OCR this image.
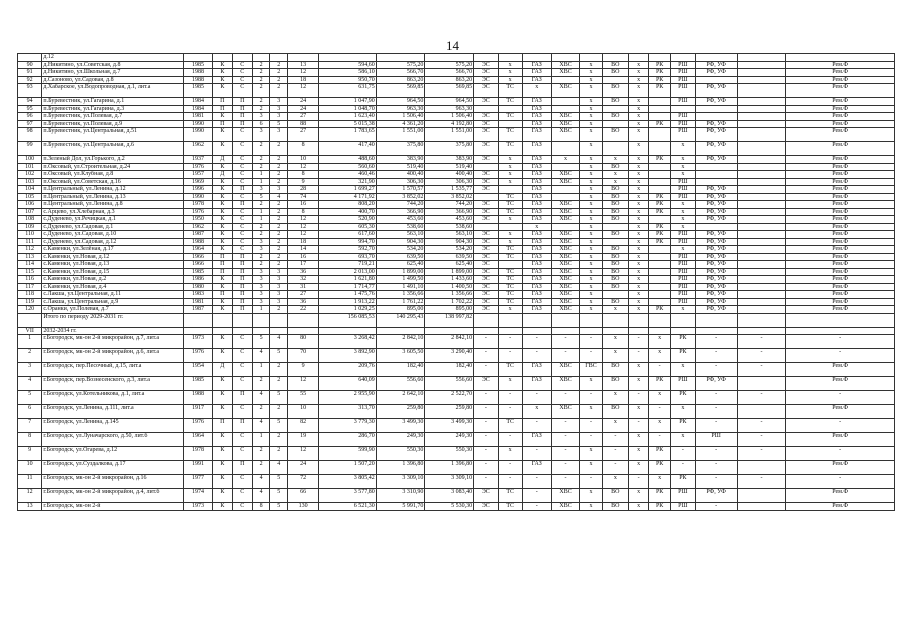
14
	д.12																					
90	д.Никитино, ул.Советская, д.8	1985	К	С	2	2	13	594,60	575,20	575,20	ЭС	х	ГАЗ	ХВС	х	ВО	х	РК	РШ	РФ, УФ		Рем.Ф
91	д.Никитино, ул.Школьная, д.7	1988	К	С	2	2	12	586,10	566,70	566,70	ЭС	х	ГАЗ	ХВС	х	ВО	х	РК	РШ	РФ, УФ		Рем.Ф
92	д.Сазоново, ул.Садовая, д.8	1988	К	С	2	2	18	950,70	863,20	863,20	ЭС	х	ГАЗ		х		х	РК	РШ			Рем.Ф
93	д.Хабарское, ул.Водопроводная, д.1, лит.а	1985	К	С	2	2	12	631,75	569,85	569,85	ЭС	ТС	х	ХВС	х	ВО	х	РК	РШ	РФ, УФ		Рем.Ф
94	п.Буревестник, ул.Гагарина, д.1	1984	П	П	2	3	24	1 047,90	964,50	964,50	ЭС	ТС	ГАЗ		х	ВО	х		РШ	РФ, УФ		Рем.Ф
95	п.Буревестник, ул.Гагарина, д.3	1984	П	П	2	3	24	1 048,70	963,30	963,30			ГАЗ		х		х					Рем.Ф
96	п.Буревестник, ул.Полевая, д.7	1981	К	П	3	3	27	1 623,40	1 506,40	1 506,40	ЭС	ТС	ГАЗ	ХВС	х	ВО	х		РШ			Рем.Ф
97	п.Буревестник, ул.Полевая, д.9	1990	П	П	6	5	88	5 015,38	4 361,20	4 192,80	ЭС		ГАЗ	ХВС	х		х	РК	РШ	РФ, УФ		Рем.Ф
98	п.Буревестник, ул.Центральная, д.51	1990	К	С	3	3	27	1 783,65	1 551,00	1 551,00	ЭС	ТС	ГАЗ	ХВС	х	ВО	х		РШ	РФ, УФ		Рем.Ф
99	п.Буревестник, ул.Центральная, д.6	1962	К	С	2	2	8	417,40	375,80	375,80	ЭС	ТС	ГАЗ		х		х		х	РФ, УФ		Рем.Ф
100	п.Зеленый Дол, ул.Горького, д.2	1937	Д	С	2	2	10	488,60	383,90	383,90	ЭС	х	ГАЗ	х	х	х	х	РК	х	РФ, УФ		Рем.Ф
101	п.Оксовый, ул.Строительная, д.24	1976	К	С	2	2	12	560,60	519,40	519,40		х	ГАЗ		х	ВО	х		х			Рем.Ф
102	п.Оксовый, ул.Клубная, д.8	1957	Д	С	1	2	8	460,46	400,40	400,40	ЭС	х	ГАЗ	ХВС	х	х	х		х			Рем.Ф
103	п.Оксовый, ул.Советская, д.16	1969	К	С	1	2	9	321,90	306,30	306,30	ЭС	х	ГАЗ	ХВС	х	х	х		РШ			Рем.Ф
104	п.Центральный, ул.Ленина, д.12	1996	К	П	3	3	28	1 699,27	1 570,57	1 535,77	ЭС		ГАЗ		х	ВО	х		РШ	РФ, УФ		Рем.Ф
105	п.Центральный, ул.Ленина, д.13	1990	К	С	5	4	74	4 171,92	3 852,02	3 852,02		ТС	ГАЗ		х	ВО	х	РК	РШ	РФ, УФ		Рем.Ф
106	п.Центральный, ул.Ленина, д.8	1978	К	П	2	2	16	808,20	744,20	744,20	ЭС	ТС	ГАЗ	ХВС	х	ВО	х	РК	х	РФ, УФ		Рем.Ф
107	с.Арцево, ул.Хлебарная, д.3	1976	К	С	1	2	8	400,70	366,90	366,90	ЭС	ТС	ГАЗ	ХВС	х	ВО	х	РК	х	РФ, УФ		Рем.Ф
108	с.Дуденево, ул.Речицкая, д.1	1950	К	С	1	2	12	520,90	453,60	453,60	ЭС	х	ГАЗ	ХВС	х	ВО	х		х	РФ, УФ		Рем.Ф
109	с.Дуденево, ул.Садовая, д.1	1962	К	С	2	2	12	605,30	538,60	538,60			х		х		х	РК	х			Рем.Ф
110	с.Дуденево, ул.Садовая, д.10	1987	К	С	2	2	12	617,60	563,10	563,10	ЭС	х	ГАЗ	ХВС	х	ВО	х	РК	РШ	РФ, УФ		Рем.Ф
111	с.Дуденево, ул.Садовая, д.12	1988	К	С	3	2	18	994,70	904,30	904,30	ЭС	х	ГАЗ	ХВС	х		х	РК	РШ	РФ, УФ		Рем.Ф
112	с.Каменки, ул.Зелёная, д.17	1964	К	С	3	2	14	592,70	534,20	534,20	ЭС	ТС	ГАЗ	ХВС	х	ВО	х		х	РФ, УФ		Рем.Ф
113	с.Каменки, ул.Новая, д.12	1966	П	П	2	2	16	693,70	639,50	639,50	ЭС	ТС	ГАЗ	ХВС	х	ВО	х		РШ	РФ, УФ		Рем.Ф
114	с.Каменки, ул.Новая, д.13	1966	П	П	2	2	17	719,21	625,40	625,40	ЭС		ГАЗ	ХВС	х	ВО	х		РШ	РФ, УФ		Рем.Ф
115	с.Каменки, ул.Новая, д.15	1985	П	П	3	3	36	2 013,00	1 899,00	1 899,00	ЭС	ТС	ГАЗ	ХВС	х	ВО	х		РШ	РФ, УФ		Рем.Ф
116	с.Каменки, ул.Новая, д.2	1986	К	П	3	3	32	1 621,80	1 499,50	1 433,60	ЭС	ТС	ГАЗ	ХВС	х	ВО	х		РШ	РФ, УФ		Рем.Ф
117	с.Каменки, ул.Новая, д.4	1980	К	П	3	3	31	1 714,77	1 491,10	1 400,50	ЭС	ТС	ГАЗ	ХВС	х	ВО	х		РШ	РФ, УФ		Рем.Ф
118	с.Лакша, ул.Центральная, д.11	1983	П	П	3	3	27	1 475,76	1 356,66	1 356,66	ЭС	ТС	ГАЗ	ХВС	х		х		РШ	РФ, УФ		Рем.Ф
119	с.Лакша, ул.Центральная, д.9	1981	К	П	3	3	36	1 913,22	1 761,22	1 702,22	ЭС	ТС	ГАЗ	ХВС	х	ВО	х		РШ	РФ, УФ		Рем.Ф
120	с.Оранки, ул.Полевая, д.7	1987	К	П	1	2	22	1 029,25	895,00	895,00	ЭС	х	ГАЗ	ХВС	х	х	х	РК	х	РФ, УФ		Рем.Ф
	Итого по периоду 2029-2031 гг.							156 085,53	140 295,43	138 997,82												
VII	2032-2034 гг.																					
1	г.Богородск, мк-он 2-й микрорайон, д.7, лит.а	1973	К	С	5	4	80	3 268,42	2 842,10	2 842,10	-	-	-	-	-	х	-	х	РК	-	-	-
2	г.Богородск, мк-он 2-й микрорайон, д.6, лит.а	1976	К	С	4	5	70	3 892,90	3 605,50	3 290,40	-	-	-	-	-	х	-	х	РК	-	-	-
3	г.Богородск, пер.Песочный, д.15, лит.а	1954	Д	С	1	2	9	209,76	182,40	182,40	-	ТС	ГАЗ	ХВС	ГВС	ВО	х	-	х	-	-	Рем.Ф
4	г.Богородск, пер.Вознесенского, д.3, лит.а	1985	К	С	2	2	12	640,09	556,60	556,60	ЭС	х	ГАЗ	ХВС	х	ВО	х	РК	РШ	РФ, УФ		Рем.Ф
5	г.Богородск, ул.Котельникова, д.1, лит.а	1988	К	П	4	5	55	2 955,90	2 642,10	2 522,70	-	-	-	-	-	х	-	х	РК	-	-	-
6	г.Богородск, ул.Ленина, д.111, лит.а	1917	К	С	2	2	10	313,70	259,80	259,80	-	-	х	ХВС	х	ВО	х	-	х	-		Рем.Ф
7	г.Богородск, ул.Ленина, д.145	1976	П	П	4	5	82	3 779,30	3 499,30	3 499,30	-	ТС	-	-	-	х	-	х	РК	-	-	-
8	г.Богородск, ул.Луначарского, д.50, лит.б	1964	К	С	1	2	19	286,70	249,30	249,30	-	-	ГАЗ	-	-	-	х	-	х	РШ	-	Рем.Ф
9	г.Богородск, ул.Огарева, д.12	1978	К	С	2	2	12	599,90	550,30	550,30	-	х	-	-	х	-	х	РК	-	-	-	-
10	г.Богородск, ул.Суздалкова, д.17	1991	К	П	2	4	24	1 507,20	1 396,80	1 396,80	-	-	ГАЗ	-	х	-	х	РК	-	-		Рем.Ф
11	г.Богородск, мк-он 2-й микрорайон, д.16	1977	К	С	4	5	72	3 805,42	3 309,10	3 309,10	-	-	-	-	-	х	-	х	РК	-	-	-
12	г.Богородск, мк-он 2-й микрорайон, д.4, лит.б	1974	К	С	4	5	66	3 577,80	3 310,90	3 083,40	ЭС	ТС	-	ХВС	х	ВО	х	РК	РШ	РФ, УФ		Рем.Ф
13	г.Богородск, мк-он 2-й	1973	К	С	8	5	130	6 521,30	5 991,70	5 530,30	ЭС	ТС	-	ХВС	х	ВО	х	РК	РШ	-		Рем.Ф
